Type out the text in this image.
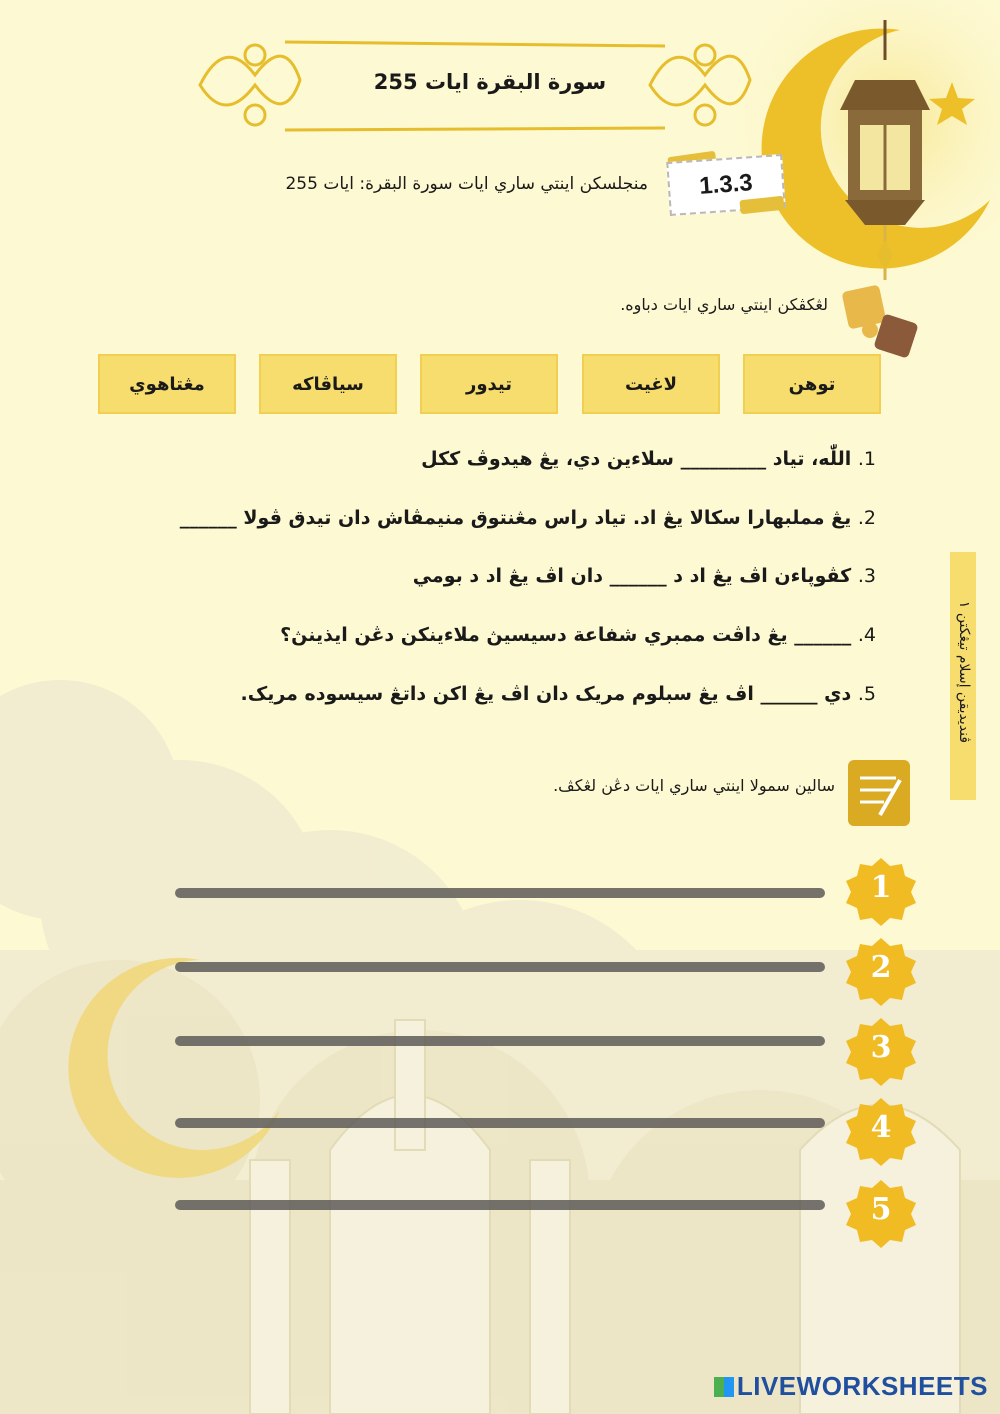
سورة البقرة ايات 255
1.3.3
منجلسکن اينتي ساري ايات سورة البقرة: ايات 255
لڠکڤکن اينتي ساري ايات دباوه.
توهن
لاغيت
تيدور
سياڤاکه
مڠتاهوي
1. اللّٰه، تياد _________ سلاءين دي، يڠ هيدوڤ ککل
2. يڠ مملبهارا سکالا يڠ اد. تياد راس مڠنتوق منيمڤاش دان تيدق ڤولا ______
3. کڤوڽاءن اڤ يڠ اد د ______ دان اڤ يڠ اد د بومي
4. ______ يڠ داڤت ممبري شفاعة دسيسيڽ ملاءينکن دڠن ايذينڽ؟
5. دي ______ اڤ يڠ سبلوم مريک دان اڤ يڠ اکن داتڠ سيسوده مريک.
سالين سمولا اينتي ساري ايات دڠن لڠکڤ.
1
2
3
4
5
ڤنديديقن إسلام تيڠکتن ١
LIVEWORKSHEETS
